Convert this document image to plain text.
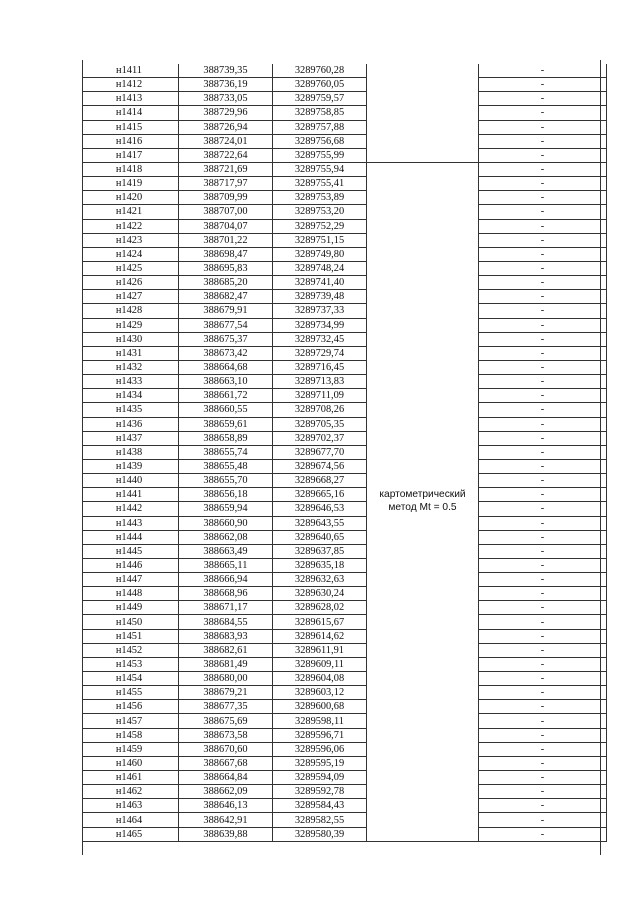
н1411	388739,35	3289760,28		-
н1412	388736,19	3289760,05		-
н1413	388733,05	3289759,57		-
н1414	388729,96	3289758,85		-
н1415	388726,94	3289757,88		-
н1416	388724,01	3289756,68		-
н1417	388722,64	3289755,99		-
н1418	388721,69	3289755,94		-
н1419	388717,97	3289755,41		-
н1420	388709,99	3289753,89		-
н1421	388707,00	3289753,20		-
н1422	388704,07	3289752,29		-
н1423	388701,22	3289751,15		-
н1424	388698,47	3289749,80		-
н1425	388695,83	3289748,24		-
н1426	388685,20	3289741,40		-
н1427	388682,47	3289739,48		-
н1428	388679,91	3289737,33		-
н1429	388677,54	3289734,99		-
н1430	388675,37	3289732,45		-
н1431	388673,42	3289729,74		-
н1432	388664,68	3289716,45		-
н1433	388663,10	3289713,83		-
н1434	388661,72	3289711,09		-
н1435	388660,55	3289708,26		-
н1436	388659,61	3289705,35		-
н1437	388658,89	3289702,37		-
н1438	388655,74	3289677,70		-
н1439	388655,48	3289674,56		-
н1440	388655,70	3289668,27		-
н1441	388656,18	3289665,16	картометрический метод Mt = 0.5	-
н1442	388659,94	3289646,53		-
н1443	388660,90	3289643,55		-
н1444	388662,08	3289640,65		-
н1445	388663,49	3289637,85		-
н1446	388665,11	3289635,18		-
н1447	388666,94	3289632,63		-
н1448	388668,96	3289630,24		-
н1449	388671,17	3289628,02		-
н1450	388684,55	3289615,67		-
н1451	388683,93	3289614,62		-
н1452	388682,61	3289611,91		-
н1453	388681,49	3289609,11		-
н1454	388680,00	3289604,08		-
н1455	388679,21	3289603,12		-
н1456	388677,35	3289600,68		-
н1457	388675,69	3289598,11		-
н1458	388673,58	3289596,71		-
н1459	388670,60	3289596,06		-
н1460	388667,68	3289595,19		-
н1461	388664,84	3289594,09		-
н1462	388662,09	3289592,78		-
н1463	388646,13	3289584,43		-
н1464	388642,91	3289582,55		-
н1465	388639,88	3289580,39		-
